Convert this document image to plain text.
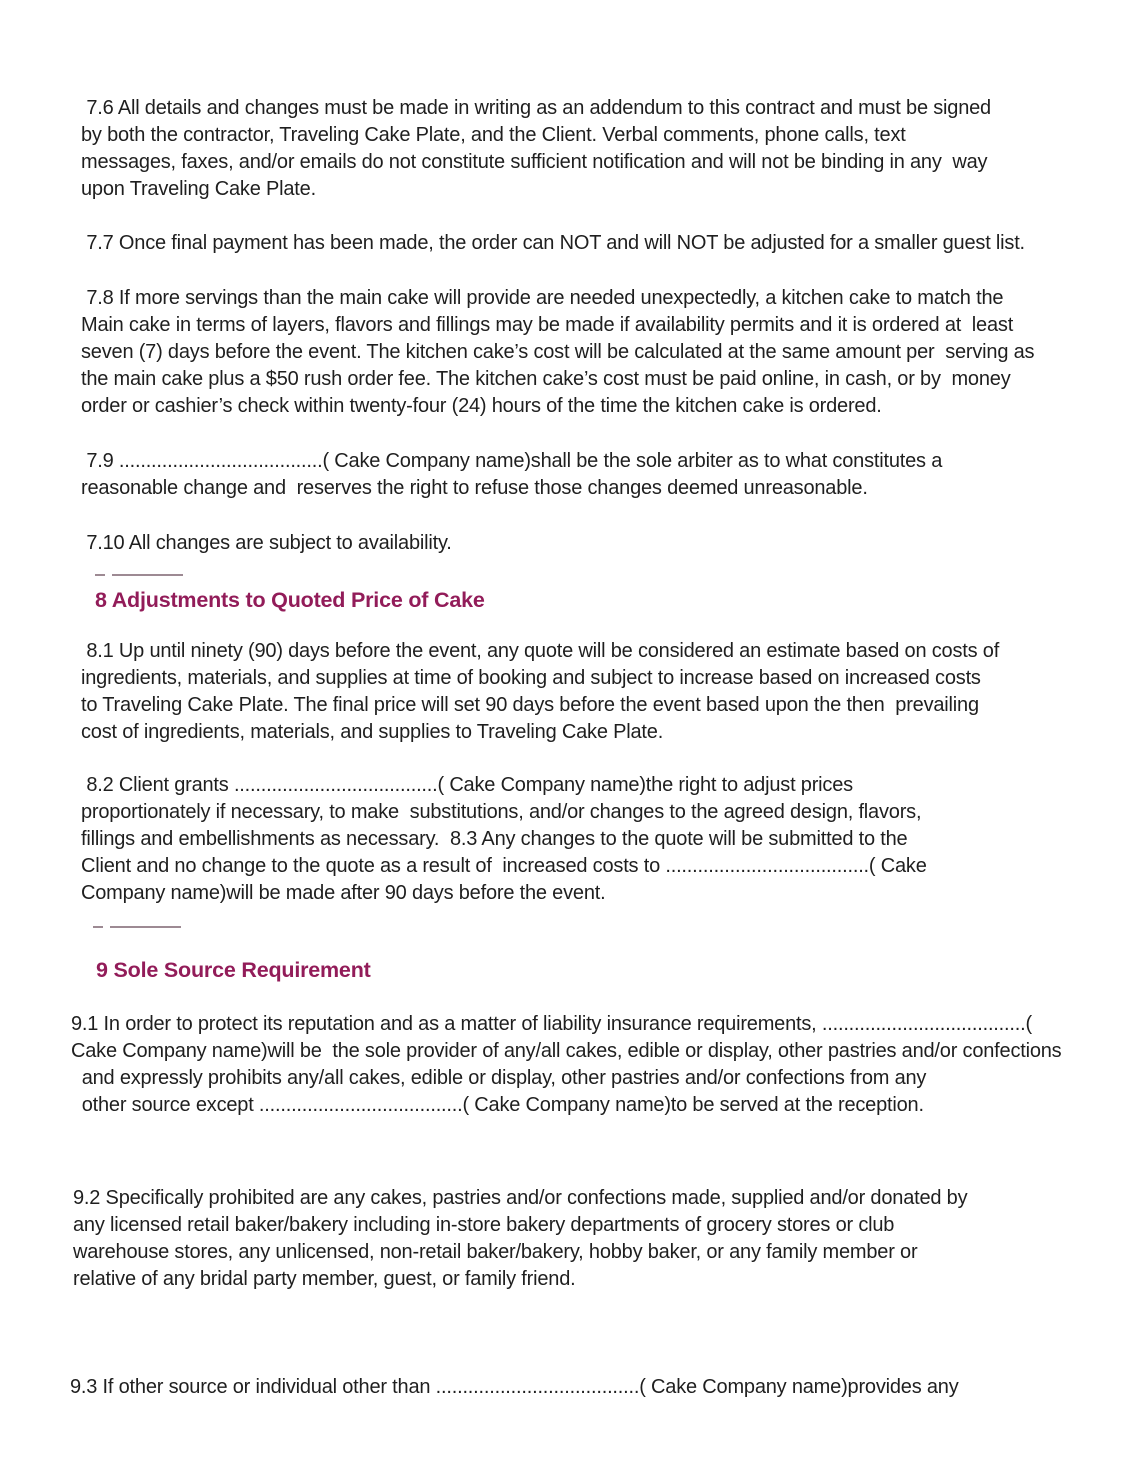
7.6 All details and changes must be made in writing as an addendum to this contract and must be signed
by both the contractor, Traveling Cake Plate, and the Client. Verbal comments, phone calls, text
messages, faxes, and/or emails do not constitute sufficient notification and will not be binding in any  way
upon Traveling Cake Plate.
7.7 Once final payment has been made, the order can NOT and will NOT be adjusted for a smaller guest list.
7.8 If more servings than the main cake will provide are needed unexpectedly, a kitchen cake to match the
Main cake in terms of layers, flavors and fillings may be made if availability permits and it is ordered at  least
seven (7) days before the event. The kitchen cake’s cost will be calculated at the same amount per  serving as
the main cake plus a $50 rush order fee. The kitchen cake’s cost must be paid online, in cash, or by  money
order or cashier’s check within twenty-four (24) hours of the time the kitchen cake is ordered.
7.9 ......................................( Cake Company name)shall be the sole arbiter as to what constitutes a
reasonable change and  reserves the right to refuse those changes deemed unreasonable.
7.10 All changes are subject to availability.
8 Adjustments to Quoted Price of Cake
8.1 Up until ninety (90) days before the event, any quote will be considered an estimate based on costs of
ingredients, materials, and supplies at time of booking and subject to increase based on increased costs
to Traveling Cake Plate. The final price will set 90 days before the event based upon the then  prevailing
cost of ingredients, materials, and supplies to Traveling Cake Plate.
8.2 Client grants ......................................( Cake Company name)the right to adjust prices
proportionately if necessary, to make  substitutions, and/or changes to the agreed design, flavors,
fillings and embellishments as necessary.  8.3 Any changes to the quote will be submitted to the
Client and no change to the quote as a result of  increased costs to ......................................( Cake
Company name)will be made after 90 days before the event.
9 Sole Source Requirement
9.1 In order to protect its reputation and as a matter of liability insurance requirements, ......................................(
Cake Company name)will be  the sole provider of any/all cakes, edible or display, other pastries and/or confections
and expressly prohibits any/all cakes, edible or display, other pastries and/or confections from any
other source except ......................................( Cake Company name)to be served at the reception.
9.2 Specifically prohibited are any cakes, pastries and/or confections made, supplied and/or donated by
any licensed retail baker/bakery including in-store bakery departments of grocery stores or club
warehouse stores, any unlicensed, non-retail baker/bakery, hobby baker, or any family member or
relative of any bridal party member, guest, or family friend.
9.3 If other source or individual other than ......................................( Cake Company name)provides any
